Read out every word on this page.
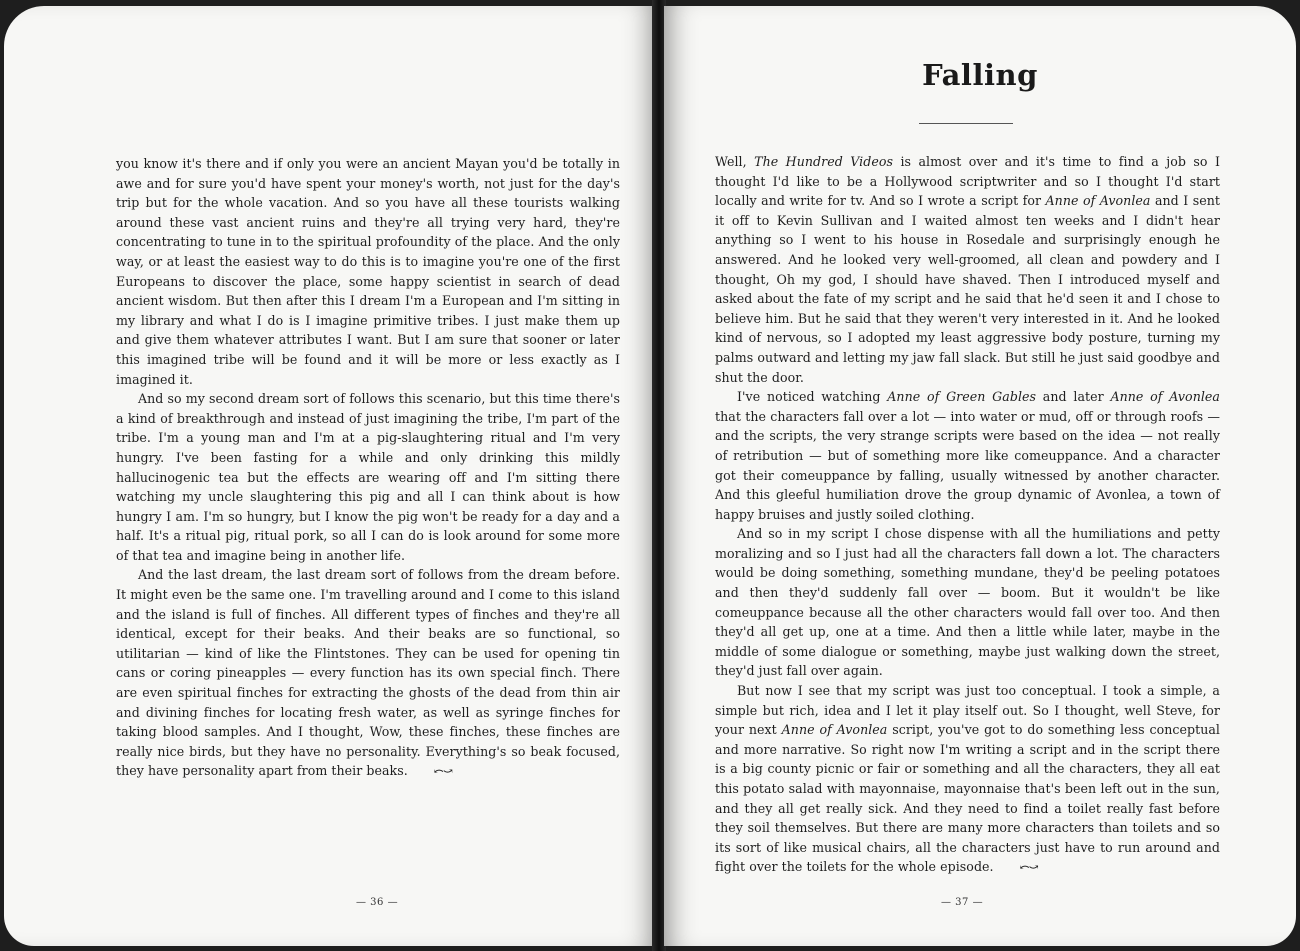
you know it's there and if only you were an ancient Mayan you'd be totally in awe and for sure you'd have spent your money's worth, not just for the day's trip but for the whole vacation. And so you have all these tourists walking around these vast ancient ruins and they're all trying very hard, they're concentrating to tune in to the spiritual profoundity of the place. And the only way, or at least the easiest way to do this is to imagine you're one of the first Europeans to discover the place, some happy scientist in search of dead ancient wisdom. But then after this I dream I'm a European and I'm sitting in my library and what I do is I imagine primitive tribes. I just make them up and give them whatever attributes I want. But I am sure that sooner or later this imagined tribe will be found and it will be more or less exactly as I imagined it.

And so my second dream sort of follows this scenario, but this time there's a kind of breakthrough and instead of just imagining the tribe, I'm part of the tribe. I'm a young man and I'm at a pig-slaughtering ritual and I'm very hungry. I've been fasting for a while and only drinking this mildly hallucinogenic tea but the effects are wearing off and I'm sitting there watching my uncle slaughtering this pig and all I can think about is how hungry I am. I'm so hungry, but I know the pig won't be ready for a day and a half. It's a ritual pig, ritual pork, so all I can do is look around for some more of that tea and imagine being in another life.

And the last dream, the last dream sort of follows from the dream before. It might even be the same one. I'm travelling around and I come to this island and the island is full of finches. All different types of finches and they're all identical, except for their beaks. And their beaks are so functional, so utilitarian — kind of like the Flintstones. They can be used for opening tin cans or coring pineapples — every function has its own special finch. There are even spiritual finches for extracting the ghosts of the dead from thin air and divining finches for locating fresh water, as well as syringe finches for taking blood samples. And I thought, Wow, these finches, these finches are really nice birds, but they have no personality. Everything's so beak focused, they have personality apart from their beaks. ⤺⤻

— 36 —
Falling

Well, The Hundred Videos is almost over and it's time to find a job so I thought I'd like to be a Hollywood scriptwriter and so I thought I'd start locally and write for tv. And so I wrote a script for Anne of Avonlea and I sent it off to Kevin Sullivan and I waited almost ten weeks and I didn't hear anything so I went to his house in Rosedale and surprisingly enough he answered. And he looked very well-groomed, all clean and powdery and I thought, Oh my god, I should have shaved. Then I introduced myself and asked about the fate of my script and he said that he'd seen it and I chose to believe him. But he said that they weren't very interested in it. And he looked kind of nervous, so I adopted my least aggressive body posture, turning my palms outward and letting my jaw fall slack. But still he just said goodbye and shut the door.

I've noticed watching Anne of Green Gables and later Anne of Avonlea that the characters fall over a lot — into water or mud, off or through roofs — and the scripts, the very strange scripts were based on the idea — not really of retribution — but of something more like comeuppance. And a character got their comeuppance by falling, usually witnessed by another character. And this gleeful humiliation drove the group dynamic of Avonlea, a town of happy bruises and justly soiled clothing.

And so in my script I chose dispense with all the humiliations and petty moralizing and so I just had all the characters fall down a lot. The characters would be doing something, something mundane, they'd be peeling potatoes and then they'd suddenly fall over — boom. But it wouldn't be like comeuppance because all the other characters would fall over too. And then they'd all get up, one at a time. And then a little while later, maybe in the middle of some dialogue or something, maybe just walking down the street, they'd just fall over again.

But now I see that my script was just too conceptual. I took a simple, a simple but rich, idea and I let it play itself out. So I thought, well Steve, for your next Anne of Avonlea script, you've got to do something less conceptual and more narrative. So right now I'm writing a script and in the script there is a big county picnic or fair or something and all the characters, they all eat this potato salad with mayonnaise, mayonnaise that's been left out in the sun, and they all get really sick. And they need to find a toilet really fast before they soil themselves. But there are many more characters than toilets and so its sort of like musical chairs, all the characters just have to run around and fight over the toilets for the whole episode. ⤺⤻

— 37 —
